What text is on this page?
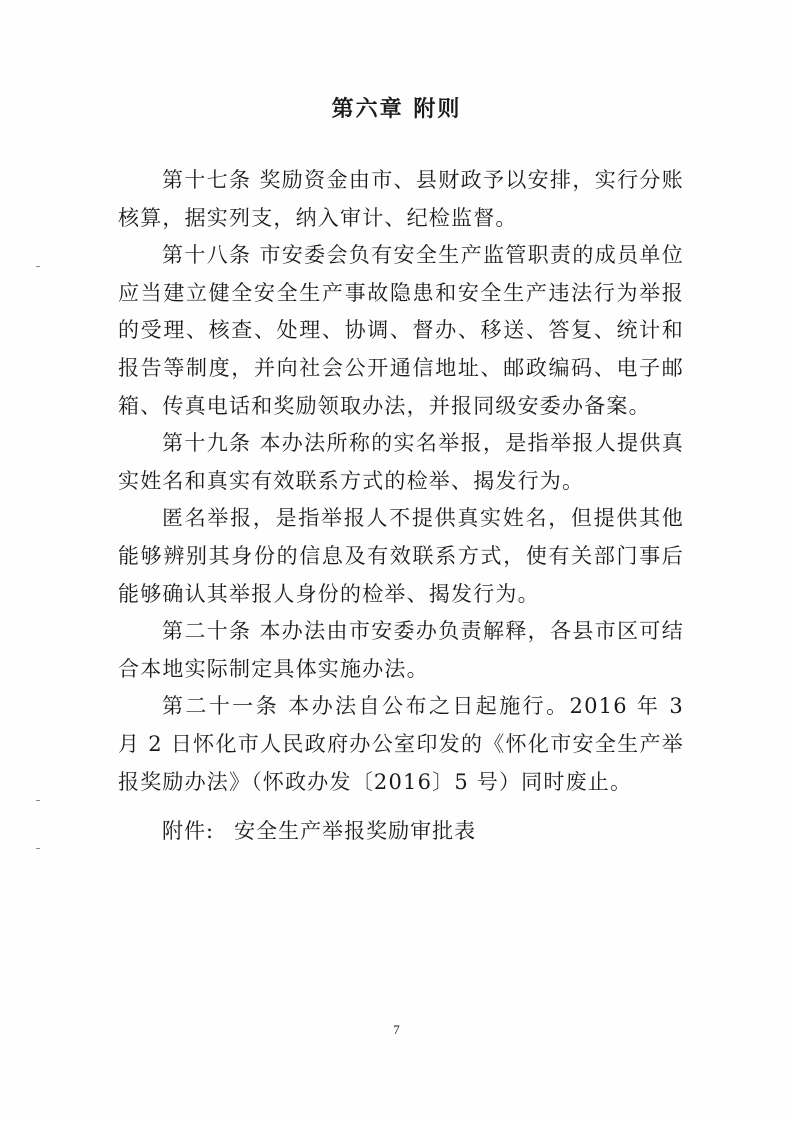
第六章 附则

第十七条 奖励资金由市、县财政予以安排，实行分账核算，据实列支，纳入审计、纪检监督。

第十八条 市安委会负有安全生产监管职责的成员单位应当建立健全安全生产事故隐患和安全生产违法行为举报的受理、核查、处理、协调、督办、移送、答复、统计和报告等制度，并向社会公开通信地址、邮政编码、电子邮箱、传真电话和奖励领取办法，并报同级安委办备案。

第十九条 本办法所称的实名举报，是指举报人提供真实姓名和真实有效联系方式的检举、揭发行为。

匿名举报，是指举报人不提供真实姓名，但提供其他能够辨别其身份的信息及有效联系方式，使有关部门事后能够确认其举报人身份的检举、揭发行为。

第二十条 本办法由市安委办负责解释，各县市区可结合本地实际制定具体实施办法。

第二十一条 本办法自公布之日起施行。2016 年 3 月 2 日怀化市人民政府办公室印发的《怀化市安全生产举报奖励办法》（怀政办发〔2016〕5 号）同时废止。

附件: 安全生产举报奖励审批表
7
